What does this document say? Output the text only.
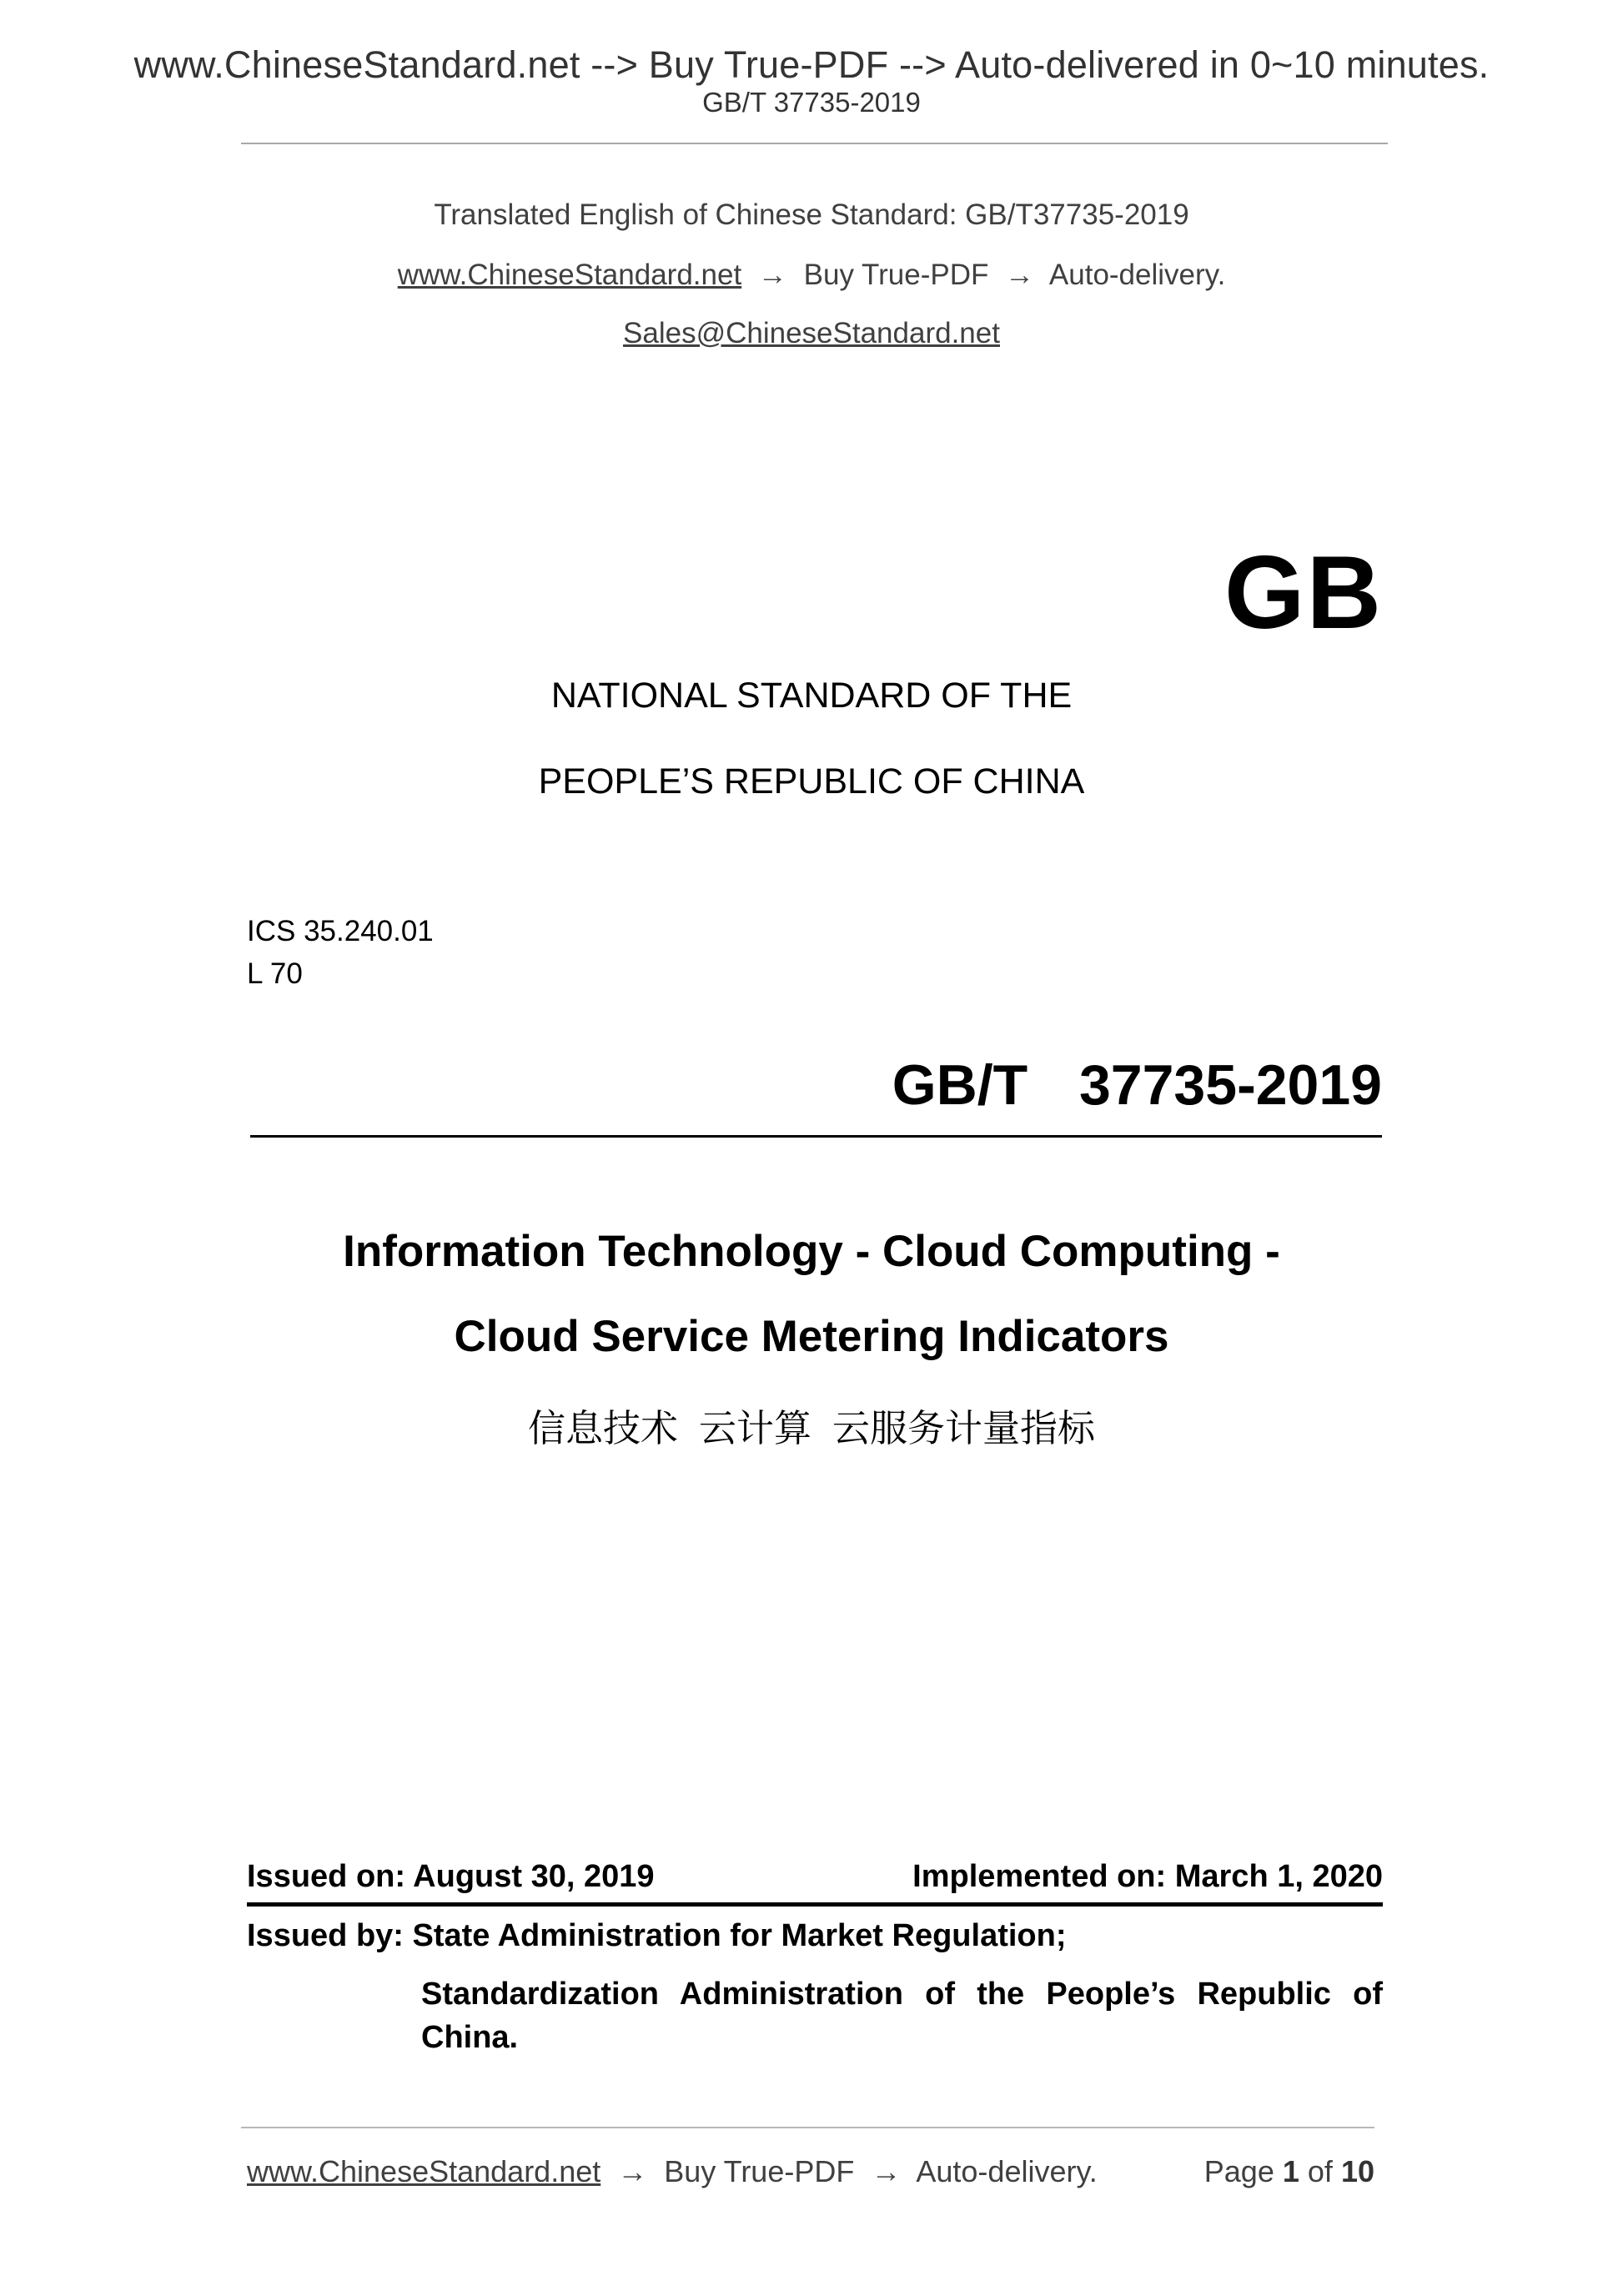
www.ChineseStandard.net --> Buy True-PDF --> Auto-delivered in 0~10 minutes.
GB/T 37735-2019
Translated English of Chinese Standard: GB/T37735-2019
www.ChineseStandard.net → Buy True-PDF → Auto-delivery.
Sales@ChineseStandard.net
GB
NATIONAL STANDARD OF THE
PEOPLE’S REPUBLIC OF CHINA
ICS 35.240.01
L 70
GB/T  37735-2019
Information Technology - Cloud Computing -
Cloud Service Metering Indicators
信息技术  云计算  云服务计量指标
Issued on: August 30, 2019	Implemented on: March 1, 2020
Issued by: State Administration for Market Regulation;
Standardization Administration of the People’s Republic of
China.
www.ChineseStandard.net → Buy True-PDF → Auto-delivery.	Page 1 of 10
